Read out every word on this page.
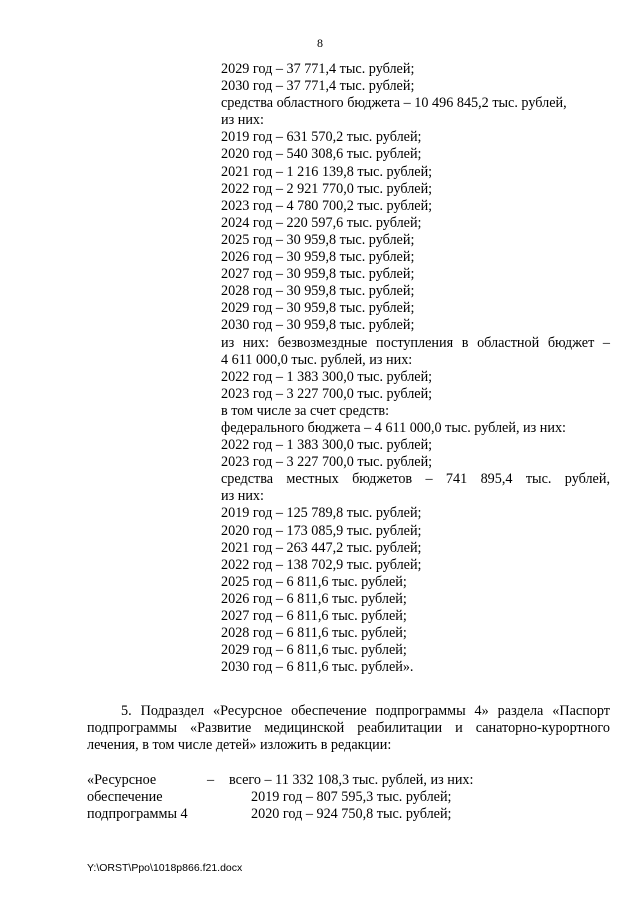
8
2029 год – 37 771,4 тыс. рублей;
2030 год – 37 771,4 тыс. рублей;
средства областного бюджета – 10 496 845,2 тыс. рублей,
из них:
2019 год – 631 570,2 тыс. рублей;
2020 год – 540 308,6 тыс. рублей;
2021 год – 1 216 139,8 тыс. рублей;
2022 год – 2 921 770,0 тыс. рублей;
2023 год – 4 780 700,2 тыс. рублей;
2024 год – 220 597,6 тыс. рублей;
2025 год – 30 959,8 тыс. рублей;
2026 год – 30 959,8 тыс. рублей;
2027 год – 30 959,8 тыс. рублей;
2028 год – 30 959,8 тыс. рублей;
2029 год – 30 959,8 тыс. рублей;
2030 год – 30 959,8 тыс. рублей;
из них: безвозмездные поступления в областной бюджет –
4 611 000,0 тыс. рублей, из них:
2022 год – 1 383 300,0 тыс. рублей;
2023 год – 3 227 700,0 тыс. рублей;
в том числе за счет средств:
федерального бюджета – 4 611 000,0 тыс. рублей, из них:
2022 год – 1 383 300,0 тыс. рублей;
2023 год – 3 227 700,0 тыс. рублей;
средства местных бюджетов – 741 895,4 тыс. рублей,
из них:
2019 год – 125 789,8 тыс. рублей;
2020 год – 173 085,9 тыс. рублей;
2021 год – 263 447,2 тыс. рублей;
2022 год – 138 702,9 тыс. рублей;
2025 год – 6 811,6 тыс. рублей;
2026 год – 6 811,6 тыс. рублей;
2027 год – 6 811,6 тыс. рублей;
2028 год – 6 811,6 тыс. рублей;
2029 год – 6 811,6 тыс. рублей;
2030 год – 6 811,6 тыс. рублей».
5. Подраздел «Ресурсное обеспечение подпрограммы 4» раздела «Паспорт
подпрограммы «Развитие медицинской реабилитации и санаторно-курортного
лечения, в том числе детей» изложить в редакции:
«Ресурсное	–	всего – 11 332 108,3 тыс. рублей, из них:
обеспечение	2019 год – 807 595,3 тыс. рублей;
подпрограммы 4	2020 год – 924 750,8 тыс. рублей;
Y:\ORST\Ppo\1018p866.f21.docx
